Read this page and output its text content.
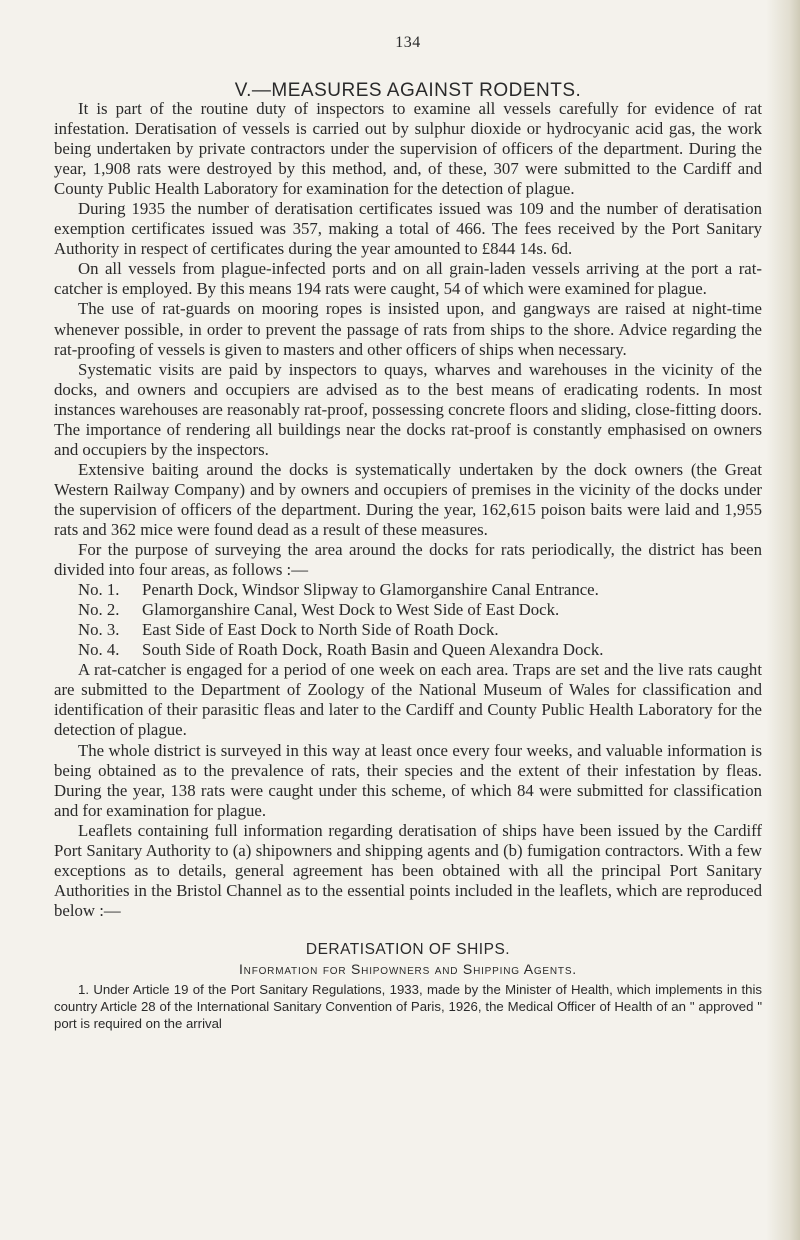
134
V.—MEASURES AGAINST RODENTS.

It is part of the routine duty of inspectors to examine all vessels carefully for evidence of rat infestation. Deratisation of vessels is carried out by sulphur dioxide or hydrocyanic acid gas, the work being undertaken by private contractors under the supervision of officers of the department. During the year, 1,908 rats were destroyed by this method, and, of these, 307 were submitted to the Cardiff and County Public Health Laboratory for examination for the detection of plague.

During 1935 the number of deratisation certificates issued was 109 and the number of deratisation exemption certificates issued was 357, making a total of 466. The fees received by the Port Sanitary Authority in respect of certificates during the year amounted to £844 14s. 6d.

On all vessels from plague-infected ports and on all grain-laden vessels arriving at the port a rat-catcher is employed. By this means 194 rats were caught, 54 of which were examined for plague.

The use of rat-guards on mooring ropes is insisted upon, and gangways are raised at night-time whenever possible, in order to prevent the passage of rats from ships to the shore. Advice regarding the rat-proofing of vessels is given to masters and other officers of ships when necessary.

Systematic visits are paid by inspectors to quays, wharves and warehouses in the vicinity of the docks, and owners and occupiers are advised as to the best means of eradicating rodents. In most instances warehouses are reasonably rat-proof, possessing concrete floors and sliding, close-fitting doors. The importance of rendering all buildings near the docks rat-proof is constantly emphasised on owners and occupiers by the inspectors.

Extensive baiting around the docks is systematically undertaken by the dock owners (the Great Western Railway Company) and by owners and occupiers of premises in the vicinity of the docks under the supervision of officers of the department. During the year, 162,615 poison baits were laid and 1,955 rats and 362 mice were found dead as a result of these measures.

For the purpose of surveying the area around the docks for rats periodically, the district has been divided into four areas, as follows :—

No. 1.	Penarth Dock, Windsor Slipway to Glamorganshire Canal Entrance.
No. 2.	Glamorganshire Canal, West Dock to West Side of East Dock.
No. 3.	East Side of East Dock to North Side of Roath Dock.
No. 4.	South Side of Roath Dock, Roath Basin and Queen Alexandra Dock.

A rat-catcher is engaged for a period of one week on each area. Traps are set and the live rats caught are submitted to the Department of Zoology of the National Museum of Wales for classification and identification of their parasitic fleas and later to the Cardiff and County Public Health Laboratory for the detection of plague.

The whole district is surveyed in this way at least once every four weeks, and valuable information is being obtained as to the prevalence of rats, their species and the extent of their infestation by fleas. During the year, 138 rats were caught under this scheme, of which 84 were submitted for classification and for examination for plague.

Leaflets containing full information regarding deratisation of ships have been issued by the Cardiff Port Sanitary Authority to (a) shipowners and shipping agents and (b) fumigation contractors. With a few exceptions as to details, general agreement has been obtained with all the principal Port Sanitary Authorities in the Bristol Channel as to the essential points included in the leaflets, which are reproduced below :—

DERATISATION OF SHIPS.
Information for Shipowners and Shipping Agents.

1. Under Article 19 of the Port Sanitary Regulations, 1933, made by the Minister of Health, which implements in this country Article 28 of the International Sanitary Convention of Paris, 1926, the Medical Officer of Health of an " approved " port is required on the arrival
